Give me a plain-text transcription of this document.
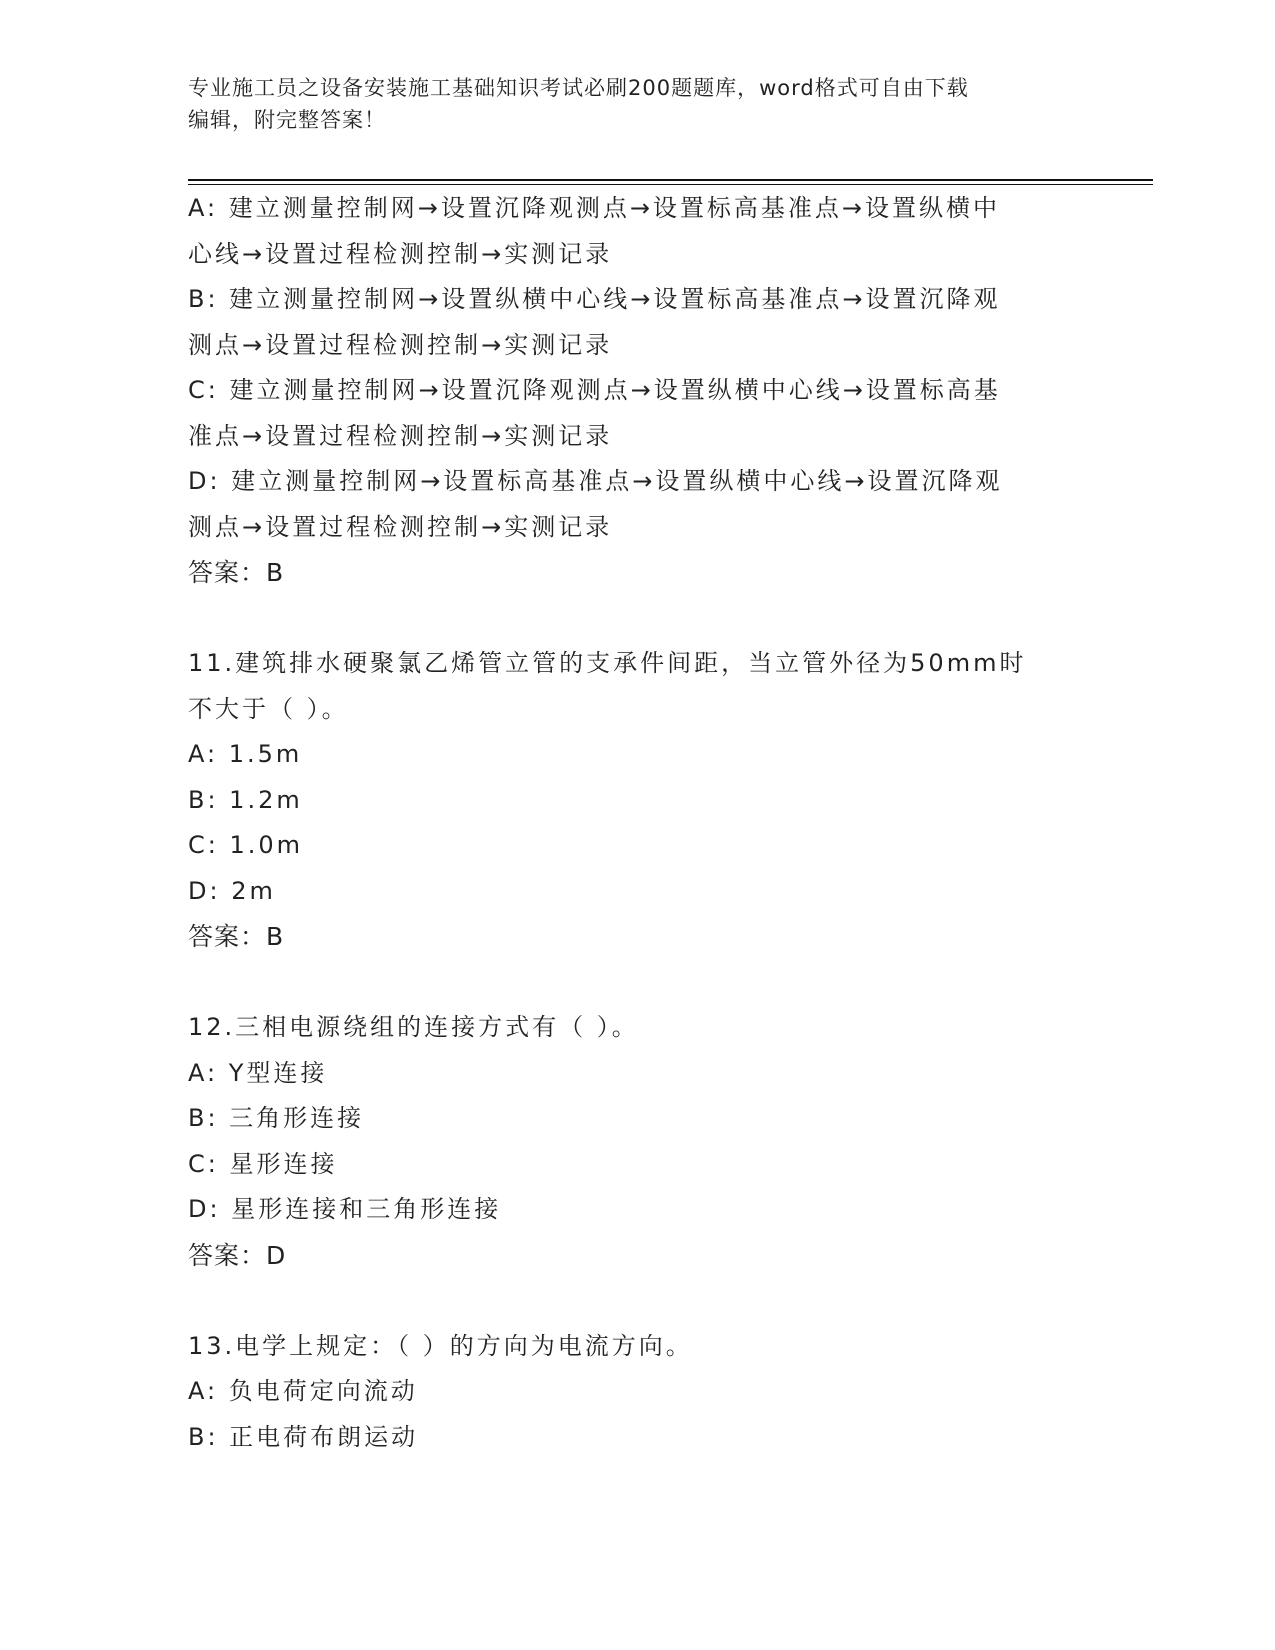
专业施工员之设备安装施工基础知识考试必刷200题题库，word格式可自由下载
编辑，附完整答案！
A: 建立测量控制网→设置沉降观测点→设置标高基准点→设置纵横中
心线→设置过程检测控制→实测记录
B: 建立测量控制网→设置纵横中心线→设置标高基准点→设置沉降观
测点→设置过程检测控制→实测记录
C: 建立测量控制网→设置沉降观测点→设置纵横中心线→设置标高基
准点→设置过程检测控制→实测记录
D: 建立测量控制网→设置标高基准点→设置纵横中心线→设置沉降观
测点→设置过程检测控制→实测记录
答案：B
11.建筑排水硬聚氯乙烯管立管的支承件间距，当立管外径为50mm时
不大于（ ）。
A: 1.5m
B: 1.2m
C: 1.0m
D: 2m
答案：B
12.三相电源绕组的连接方式有（ ）。
A: Y型连接
B: 三角形连接
C: 星形连接
D: 星形连接和三角形连接
答案：D
13.电学上规定：（ ）的方向为电流方向。
A: 负电荷定向流动
B: 正电荷布朗运动
